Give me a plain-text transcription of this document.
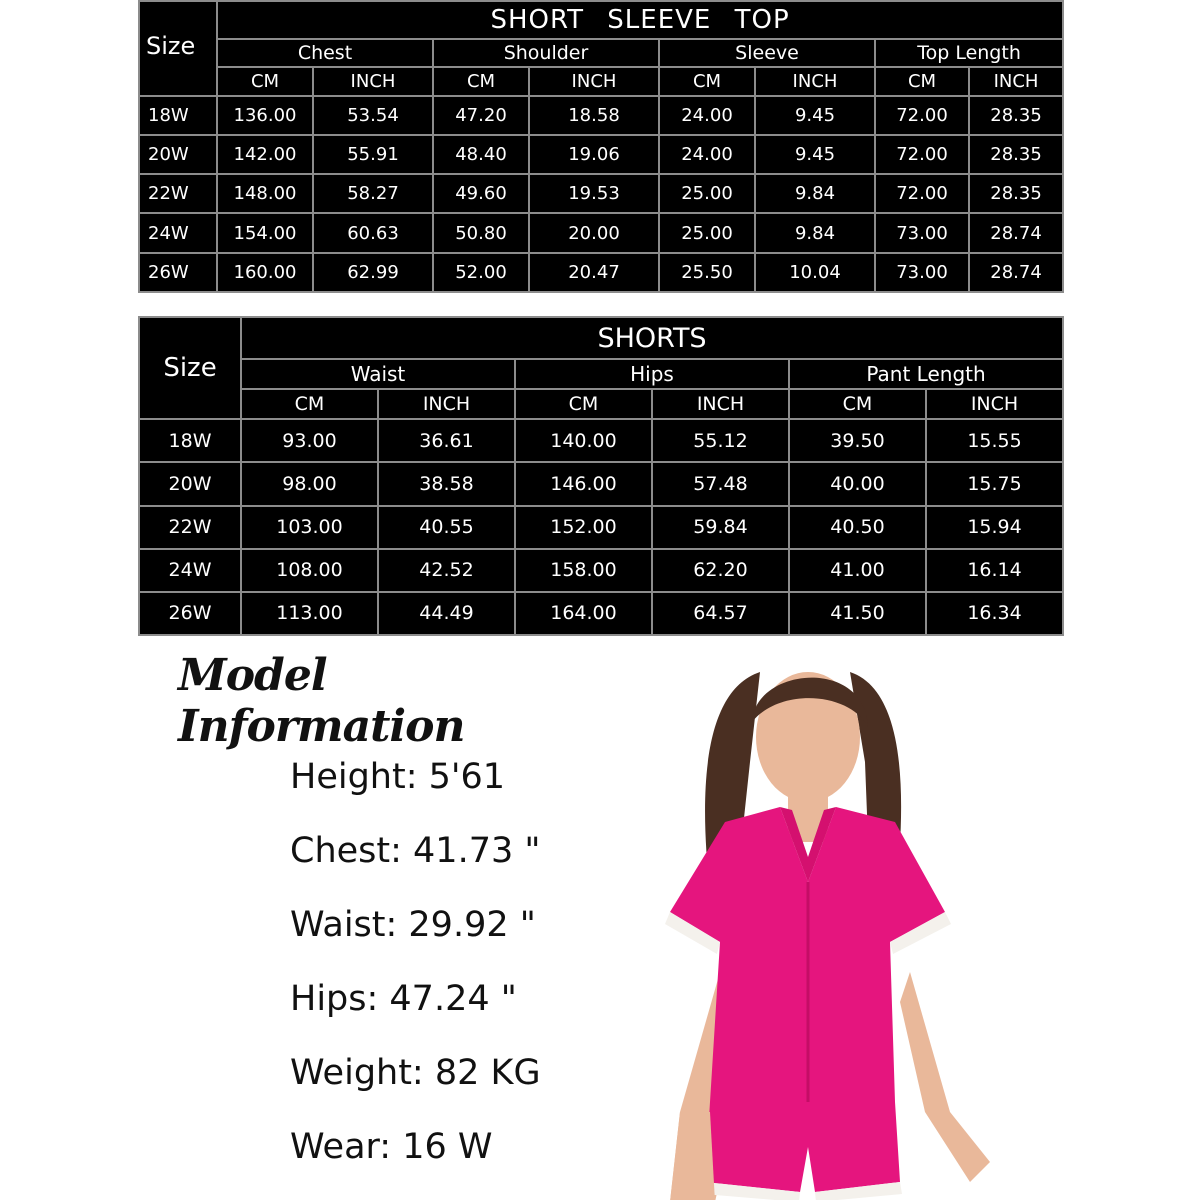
Size	SHORT SLEEVE TOP							
	Chest		Shoulder		Sleeve		Top Length	
	CM	INCH	CM	INCH	CM	INCH	CM	INCH
18W	136.00	53.54	47.20	18.58	24.00	9.45	72.00	28.35
20W	142.00	55.91	48.40	19.06	24.00	9.45	72.00	28.35
22W	148.00	58.27	49.60	19.53	25.00	9.84	72.00	28.35
24W	154.00	60.63	50.80	20.00	25.00	9.84	73.00	28.74
26W	160.00	62.99	52.00	20.47	25.50	10.04	73.00	28.74
Size	SHORTS					
	Waist		Hips		Pant Length	
	CM	INCH	CM	INCH	CM	INCH
18W	93.00	36.61	140.00	55.12	39.50	15.55
20W	98.00	38.58	146.00	57.48	40.00	15.75
22W	103.00	40.55	152.00	59.84	40.50	15.94
24W	108.00	42.52	158.00	62.20	41.00	16.14
26W	113.00	44.49	164.00	64.57	41.50	16.34
Model Information
Height: 5'61
Chest: 41.73 "
Waist: 29.92 "
Hips: 47.24 "
Weight: 82 KG
Wear: 16 W
